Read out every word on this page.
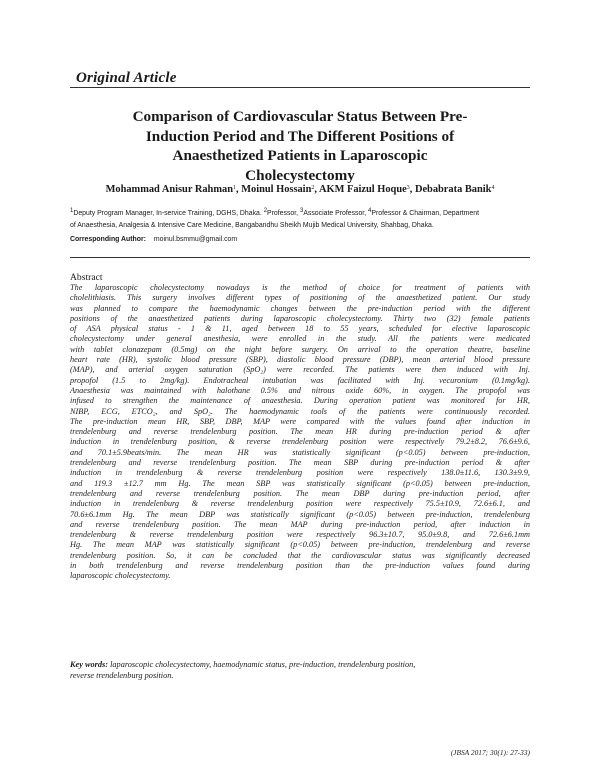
Original Article
Comparison of Cardiovascular Status Between Pre-
Induction Period and The Different Positions of
Anaesthetized Patients in Laparoscopic
Cholecystectomy
Mohammad Anisur Rahman$^1$, Moinul Hossain$^2$, AKM Faizul Hoque$^3$, Debabrata Banik$^4$
$^1$Deputy Program Manager, In-service Training, DGHS, Dhaka. $^2$Professor, $^3$Associate Professor, $^4$Professor & Chairman, Department
of Anaesthesia, Analgesia & Intensive Care Medicine, Bangabandhu Sheikh Mujib Medical University, Shahbag, Dhaka.
Corresponding Author: moinul.bsmmu@gmail.com
Abstract
The laparoscopic cholecystectomy nowadays is the method of choice for treatment of patients with
cholelithiasis. This surgery involves different types of positioning of the anaesthetized patient. Our study
was planned to compare the haemodynamic changes between the pre-induction period with the different
positions of the anaesthetized patients during laparoscopic cholecystectomy. Thirty two (32) female patients
of ASA physical status - 1 & 11, aged between 18 to 55 years, scheduled for elective laparoscopic
cholecystectomy under general anesthesia, were enrolled in the study. All the patients were medicated
with tablet clonazepam (0.5mg) on the night before surgery. On arrival to the operation theatre, baseline
heart rate (HR), systolic blood pressure (SBP), diastolic blood pressure (DBP), mean arterial blood pressure
(MAP), and arterial oxygen saturation (SpO₂) were recorded. The patients were then induced with Inj.
propofol (1.5 to 2mg/kg). Endotracheal intubation was facilitated with Inj. vecuronium (0.1mg/kg).
Anaesthesia was maintained with halothane 0.5% and nitrous oxide 60%, in oxygen. The propofol was
infused to strengthen the maintenance of anaesthesia. During operation patient was monitored for HR,
NIBP, ECG, ETCO₂, and SpO₂. The haemodynamic tools of the patients were continuously recorded.
The pre-induction mean HR, SBP, DBP, MAP were compared with the values found after induction in
trendelenburg and reverse trendelenburg position. The mean HR during pre-induction period & after
induction in trendelenburg position, & reverse trendelenburg position were respectively 79.2±8.2, 76.6±9.6,
and 70.1±5.9beats/min. The mean HR was statistically significant (p<0.05) between pre-induction,
trendelenburg and reverse trendelenburg position. The mean SBP during pre-induction period & after
induction in trendelenburg & reverse trendelenburg position were respectively 138.0±11.6, 130.3±9.9,
and 119.3 ±12.7 mm Hg. The mean SBP was statistically significant (p<0.05) between pre-induction,
trendelenburg and reverse trendelenburg position. The mean DBP during pre-induction period, after
induction in trendelenburg & reverse trendelenburg position were respectively 75.5±10.9, 72.6±6.1, and
70.6±6.1mm Hg. The mean DBP was statistically significant (p<0.05) between pre-induction, trendelenburg
and reverse trendelenburg position. The mean MAP during pre-induction period, after induction in
trendelenburg & reverse trendelenburg position were respectively 96.3±10.7, 95.0±9.8, and 72.6±6.1mm
Hg. The mean MAP was statistically significant (p<0.05) between pre-induction, trendelenburg and reverse
trendelenburg position. So, it can be concluded that the cardiovascular status was significantly decreased
in both trendelenburg and reverse trendelenburg position than the pre-induction values found during
laparoscopic cholecystectomy.
Key words: laparoscopic cholecystectomy, haemodynamic status, pre-induction, trendelenburg position,
reverse trendelenburg position.
(JBSA 2017; 30(1): 27-33)
